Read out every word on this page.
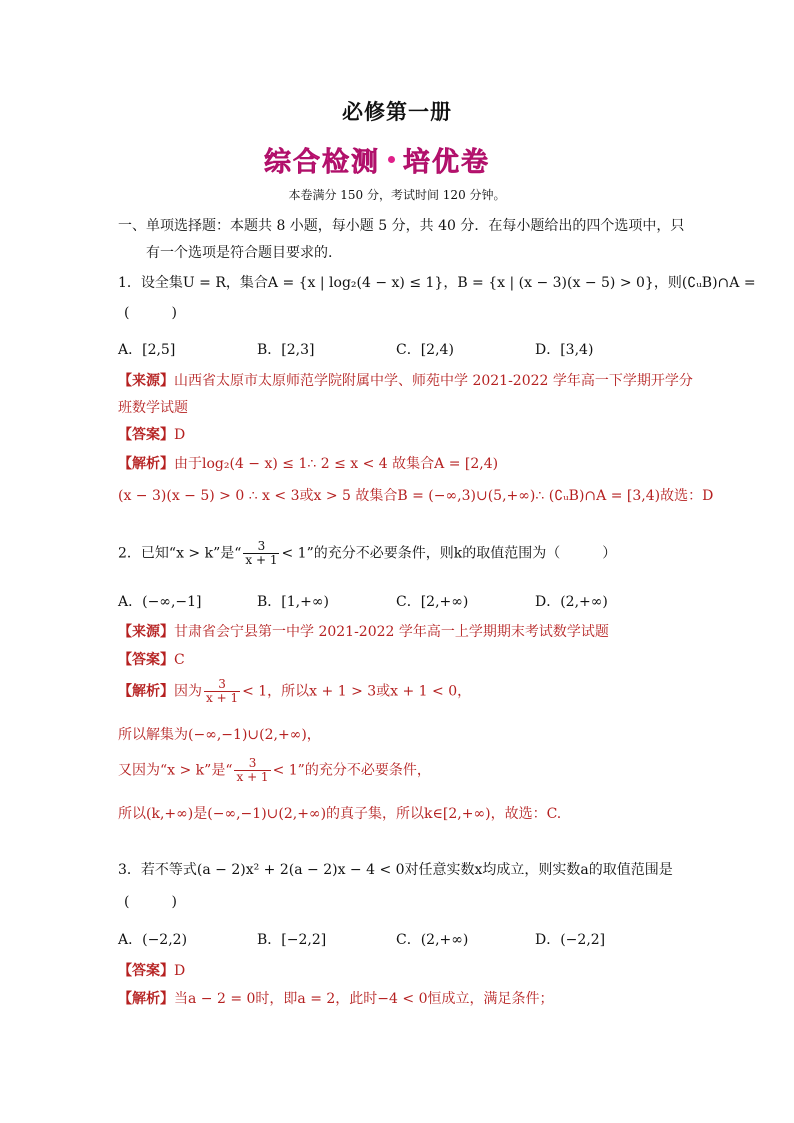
必修第一册
综合检测 培优卷
本卷满分 150 分，考试时间 120 分钟。
一、单项选择题：本题共 8 小题，每小题 5 分，共 40 分．在每小题给出的四个选项中，只
有一个选项是符合题目要求的.
1．设全集U = R，集合A = {x | log₂(4 − x) ≤ 1}，B = {x | (x − 3)(x − 5) > 0}，则(∁ᵤB)∩A =
(　　　)
A．[2,5]	B．[2,3]	C．[2,4)	D．[3,4)
【来源】山西省太原市太原师范学院附属中学、师苑中学 2021-2022 学年高一下学期开学分
班数学试题
【答案】D
【解析】由于log₂(4 − x) ≤ 1∴ 2 ≤ x < 4 故集合A = [2,4)
(x − 3)(x − 5) > 0 ∴ x < 3或x > 5 故集合B = (−∞,3)∪(5,+∞)∴ (∁ᵤB)∩A = [3,4)故选：D
2．已知“x > k”是“ $\frac{3}{x + 1} < 1$”的充分不必要条件，则k的取值范围为（　　　）
A．(−∞,−1]	B．[1,+∞)	C．[2,+∞)	D．(2,+∞)
【来源】甘肃省会宁县第一中学 2021-2022 学年高一上学期期末考试数学试题
【答案】C
【解析】因为 $\frac{3}{x + 1} < 1$，所以x + 1 > 3或x + 1 < 0，
所以解集为(−∞,−1)∪(2,+∞)，
又因为“x > k”是“ $\frac{3}{x + 1} < 1$”的充分不必要条件，
所以(k,+∞)是(−∞,−1)∪(2,+∞)的真子集，所以k∈[2,+∞)，故选：C.
3．若不等式(a − 2)x² + 2(a − 2)x − 4 < 0对任意实数x均成立，则实数a的取值范围是
(　　　)
A．(−2,2)	B．[−2,2]	C．(2,+∞)	D．(−2,2]
【答案】D
【解析】当a − 2 = 0时，即a = 2，此时−4 < 0恒成立，满足条件；
